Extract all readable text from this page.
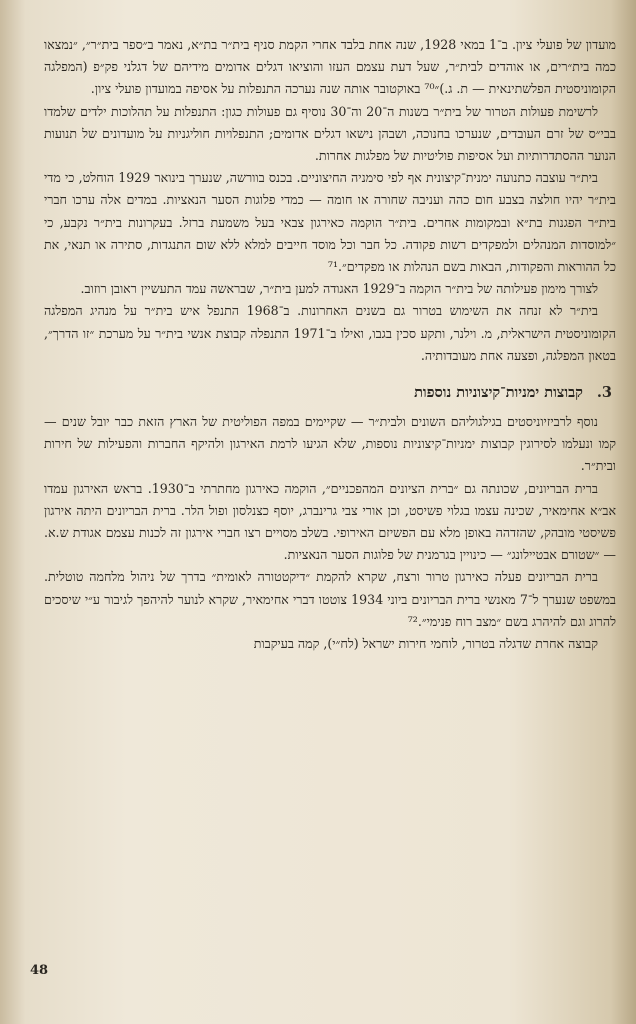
מועדון של פועלי ציון. ב־1 במאי 1928, שנה אחת בלבד אחרי הקמת סניף בית״ר בת״א, נאמר ב״ספר בית״ר״, ״נמצאו כמה בית״רים, או אוהדים לבית״ר, שעל דעת עצמם העזו והוציאו דגלים אדומים מידיהם של דגלני פק״פ (המפלגה הקומוניסטית הפלשתינאית — ת. ג.)״⁷⁰ באוקטובר אותה שנה נערכה התנפלות על אסיפה במועדון פועלי ציון.

לרשימת פעולות הטרור של בית״ר בשנות ה־20 וה־30 נוסיף גם פעולות כגון: התנפלות על תהלוכות ילדים שלמדו בבי״ס של זרם העובדים, שנערכו בחנוכה, ושבהן נישאו דגלים אדומים; התנפלויות חוליגניות על מועדונים של תנועות הנוער ההסתדרותיות ועל אסיפות פוליטיות של מפלגות אחרות.

בית״ר עוצבה כתנועה ימנית־קיצונית אף לפי סימניה החיצוניים. בכנס בוורשה, שנערך בינואר 1929 הוחלט, כי מדי בית״ר יהיו חולצה בצבע חום כהה ועניבה שחורה או חומה — כמדי פלוגות הסער הנאציות. במדים אלה ערכו חברי בית״ר הפגנות בת״א ובמקומות אחרים. בית״ר הוקמה כאירגון צבאי בעל משמעת ברזל. בעקרונות בית״ר נקבע, כי ״למוסדות המנהלים ולמפקדים רשות פקודה. כל חבר וכל מוסד חייבים למלא ללא שום התנגדות, סתירה או תנאי, את כל ההוראות והפקודות, הבאות בשם הנהלות או מפקדים״.⁷¹

לצורך מימון פעילותה של בית״ר הוקמה ב־1929 האגודה למען בית״ר, שבראשה עמד התעשיין ראובן רוזוב.

בית״ר לא זנחה את השימוש בטרור גם בשנים האחרונות. ב־1968 התנפל איש בית״ר על מנהיג המפלגה הקומוניסטית הישראלית, מ. וילנר, ותקע סכין בגבו, ואילו ב־1971 התנפלה קבוצת אנשי בית״ר על מערכת ״זו הדרך״, בטאון המפלגה, ופצעה אחת מעובדותיה.

3.
קבוצות ימניות־קיצוניות נוספות

נוסף לרביזיוניסטים בגילגוליהם השונים ולבית״ר — שקיימים במפה הפוליטית של הארץ הזאת כבר יובל שנים — קמו ונעלמו לסירוגין קבוצות ימניות־קיצוניות נוספות, שלא הגיעו לרמת האירגון ולהיקף החברות והפעילות של חירות ובית״ר.

ברית הבריונים, שכונתה גם ״ברית הציונים המהפכניים״, הוקמה כאירגון מחתרתי ב־1930. בראש האירגון עמדו אב״א אחימאיר, שכינה עצמו בגלוי פשיסט, וכן אורי צבי גרינברג, יוסף כצנלסון ופול הלר. ברית הבריונים היתה אירגון פשיסטי מובהק, שהזדהה באופן מלא עם הפשיזם האירופי. בשלב מסויים רצו חברי אירגון זה לכנות עצמם אגודת ש.א. — ״שטורם אבטיילונג״ — כינויין בגרמנית של פלוגות הסער הנאציות.

ברית הבריונים פעלה כאירגון טרור ורצח, שקרא להקמת ״דיקטטורה לאומית״ בדרך של ניהול מלחמה טוטלית. במשפט שנערך ל־7 מאנשי ברית הבריונים ביוני 1934 צוטטו דברי אחימאיר, שקרא לנוער להיהפך לגיבור ע״י שיסכים להרוג וגם להיהרג בשם ״מצב רוח פנימי״.⁷²

קבוצה אחרת שדגלה בטרור, לוחמי חירות ישראל (לח״י), קמה בעיקבות

48
